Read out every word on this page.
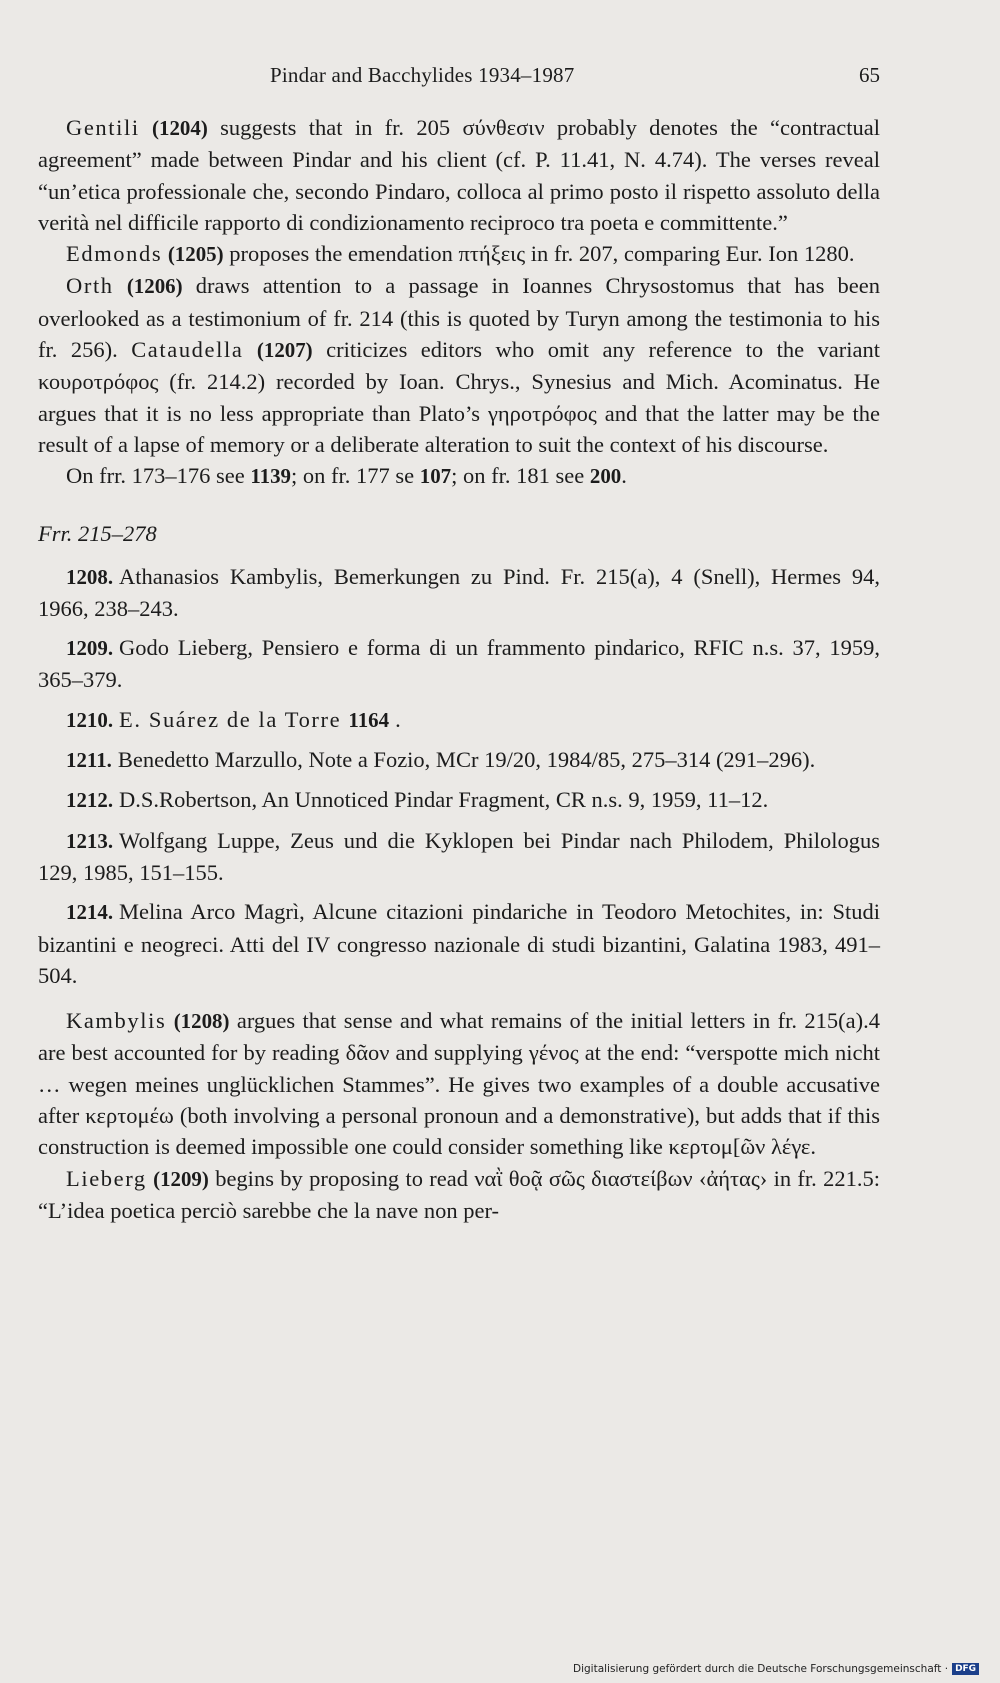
Pindar and Bacchylides 1934–1987	65

Gentili (1204) suggests that in fr. 205 σύνθεσιν probably denotes the “contractual agreement” made between Pindar and his client (cf. P. 11.41, N. 4.74). The verses reveal “un’etica professionale che, secondo Pindaro, colloca al primo posto il rispetto assoluto della verità nel difficile rapporto di condizionamento reciproco tra poeta e committente.”

Edmonds (1205) proposes the emendation πτήξεις in fr. 207, comparing Eur. Ion 1280.

Orth (1206) draws attention to a passage in Ioannes Chrysostomus that has been overlooked as a testimonium of fr. 214 (this is quoted by Turyn among the testimonia to his fr. 256). Cataudella (1207) criticizes editors who omit any reference to the variant κουροτρόφος (fr. 214.2) recorded by Ioan. Chrys., Synesius and Mich. Acominatus. He argues that it is no less appropriate than Plato’s γηροτρόφος and that the latter may be the result of a lapse of memory or a deliberate alteration to suit the context of his discourse.

On frr. 173–176 see 1139; on fr. 177 se 107; on fr. 181 see 200.

Frr. 215–278

1208. Athanasios Kambylis, Bemerkungen zu Pind. Fr. 215(a), 4 (Snell), Hermes 94, 1966, 238–243.

1209. Godo Lieberg, Pensiero e forma di un frammento pindarico, RFIC n.s. 37, 1959, 365–379.

1210. E. Suárez de la Torre 1164 .

1211. Benedetto Marzullo, Note a Fozio, MCr 19/20, 1984/85, 275–314 (291–296).

1212. D.S.Robertson, An Unnoticed Pindar Fragment, CR n.s. 9, 1959, 11–12.

1213. Wolfgang Luppe, Zeus und die Kyklopen bei Pindar nach Philodem, Philologus 129, 1985, 151–155.

1214. Melina Arco Magrì, Alcune citazioni pindariche in Teodoro Metochites, in: Studi bizantini e neogreci. Atti del IV congresso nazionale di studi bizantini, Galatina 1983, 491–504.

Kambylis (1208) argues that sense and what remains of the initial letters in fr. 215(a).4 are best accounted for by reading δᾶον and supplying γένος at the end: “verspotte mich nicht … wegen meines unglücklichen Stammes”. He gives two examples of a double accusative after κερτομέω (both involving a personal pronoun and a demonstrative), but adds that if this construction is deemed impossible one could consider something like κερτομ[ῶν λέγε.

Lieberg (1209) begins by proposing to read ναῒ θοᾷ σῶς διαστείβων ‹ἀήτας› in fr. 221.5: “L’idea poetica perciò sarebbe che la nave non per-

Digitalisierung gefördert durch die Deutsche Forschungsgemeinschaft · DFG
